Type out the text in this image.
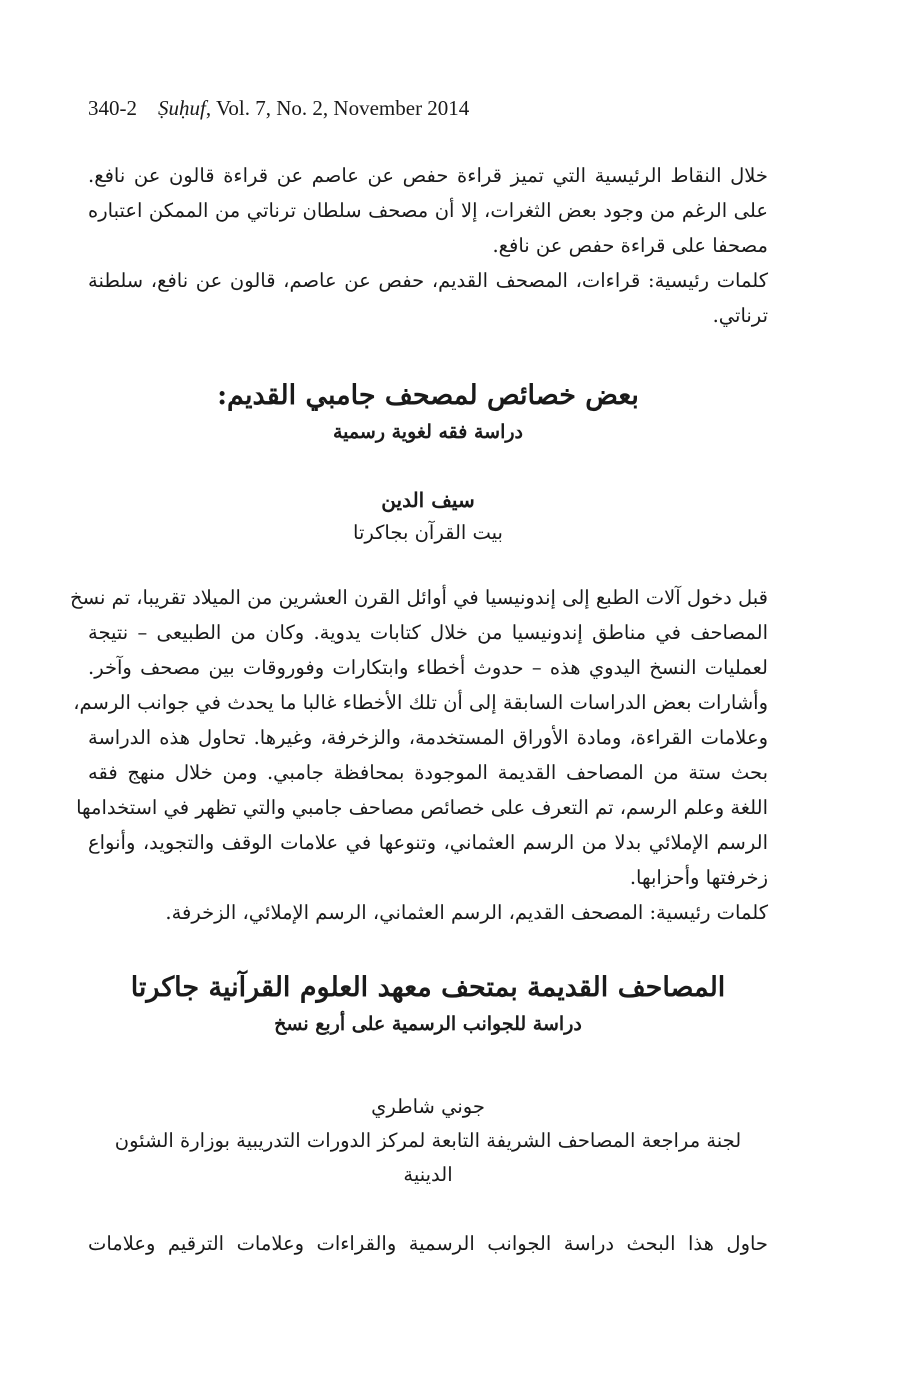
340-2 Ṣuḥuf, Vol. 7, No. 2, November 2014
خلال النقاط الرئيسية التي تميز قراءة حفص عن عاصم عن قراءة قالون عن نافع.
على الرغم من وجود بعض الثغرات، إلا أن مصحف سلطان ترناتي من الممكن اعتباره
مصحفا على قراءة حفص عن نافع.
كلمات رئيسية: قراءات، المصحف القديم، حفص عن عاصم، قالون عن نافع، سلطنة
ترناتي.
بعض خصائص لمصحف جامبي القديم:
دراسة فقه لغوية رسمية
سيف الدين
بيت القرآن بجاكرتا
قبل دخول آلات الطبع إلى إندونيسيا في أوائل القرن العشرين من الميلاد تقريبا، تم نسخ
المصاحف في مناطق إندونيسيا من خلال كتابات يدوية. وكان من الطبيعى – نتيجة
لعمليات النسخ اليدوي هذه – حدوث أخطاء وابتكارات وفوروقات بين مصحف وآخر.
وأشارات بعض الدراسات السابقة إلى أن تلك الأخطاء غالبا ما يحدث في جوانب الرسم،
وعلامات القراءة، ومادة الأوراق المستخدمة، والزخرفة، وغيرها. تحاول هذه الدراسة
بحث ستة من المصاحف القديمة الموجودة بمحافظة جامبي. ومن خلال منهج فقه
اللغة وعلم الرسم، تم التعرف على خصائص مصاحف جامبي والتي تظهر في استخدامها
الرسم الإملائي بدلا من الرسم العثماني، وتنوعها في علامات الوقف والتجويد، وأنواع
زخرفتها وأحزابها.
كلمات رئيسية: المصحف القديم، الرسم العثماني، الرسم الإملائي، الزخرفة.
المصاحف القديمة بمتحف معهد العلوم القرآنية جاكرتا
دراسة للجوانب الرسمية على أربع نسخ
جوني شاطري
لجنة مراجعة المصاحف الشريفة التابعة لمركز الدورات التدريبية بوزارة الشئون
الدينية
حاول هذا البحث دراسة الجوانب الرسمية والقراءات وعلامات الترقيم وعلامات
